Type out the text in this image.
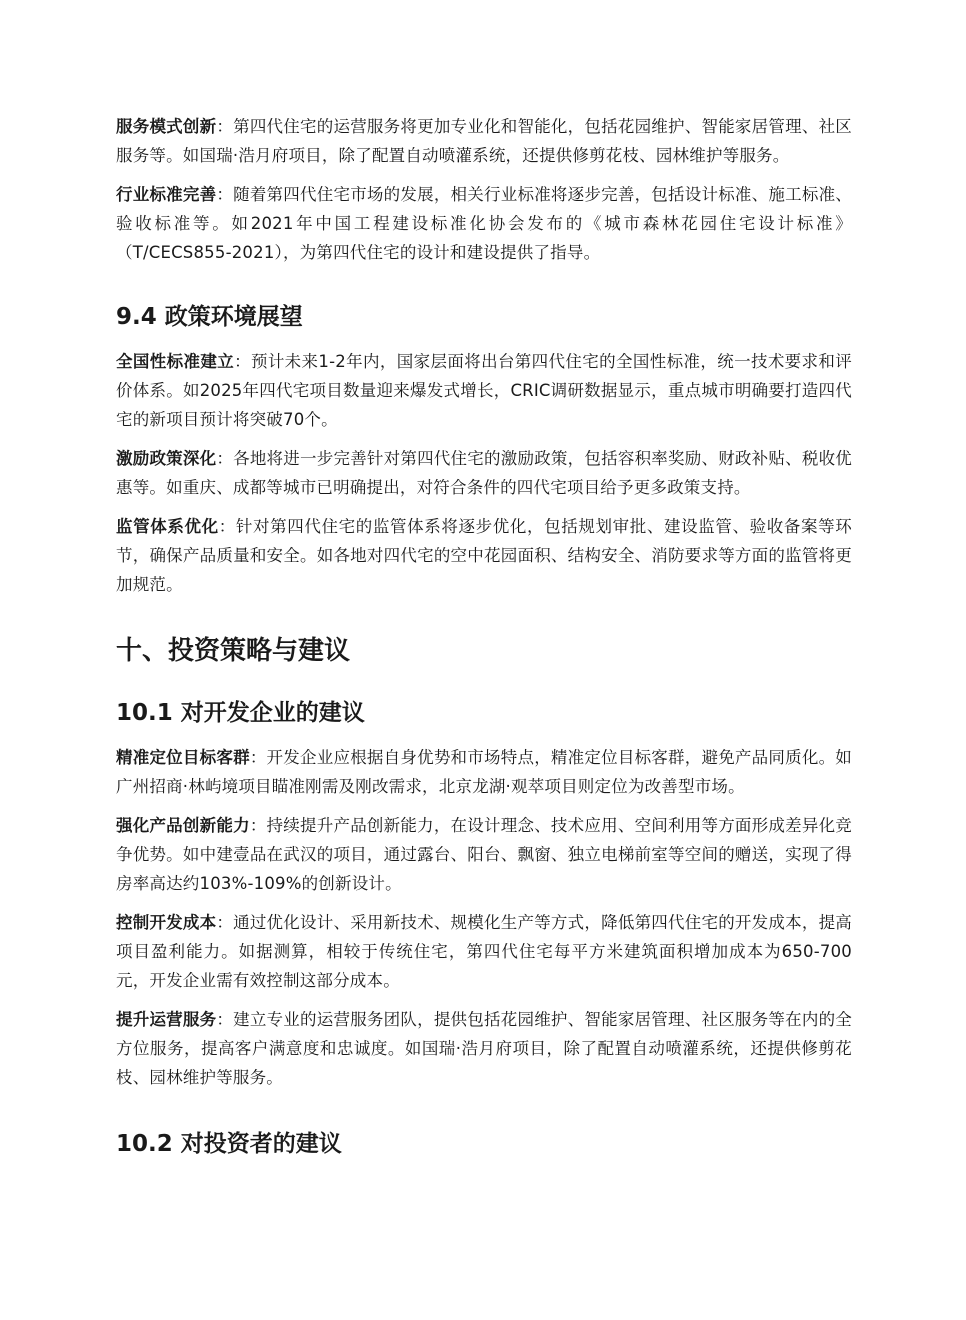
服务模式创新：第四代住宅的运营服务将更加专业化和智能化，包括花园维护、智能家居管理、社区服务等。如国瑞·浩月府项目，除了配置自动喷灌系统，还提供修剪花枝、园林维护等服务。

行业标准完善：随着第四代住宅市场的发展，相关行业标准将逐步完善，包括设计标准、施工标准、验收标准等。如2021年中国工程建设标准化协会发布的《城市森林花园住宅设计标准》（T/CECS855-2021），为第四代住宅的设计和建设提供了指导。

9.4 政策环境展望

全国性标准建立：预计未来1-2年内，国家层面将出台第四代住宅的全国性标准，统一技术要求和评价体系。如2025年四代宅项目数量迎来爆发式增长，CRIC调研数据显示，重点城市明确要打造四代宅的新项目预计将突破70个。

激励政策深化：各地将进一步完善针对第四代住宅的激励政策，包括容积率奖励、财政补贴、税收优惠等。如重庆、成都等城市已明确提出，对符合条件的四代宅项目给予更多政策支持。

监管体系优化：针对第四代住宅的监管体系将逐步优化，包括规划审批、建设监管、验收备案等环节，确保产品质量和安全。如各地对四代宅的空中花园面积、结构安全、消防要求等方面的监管将更加规范。

十、投资策略与建议
10.1 对开发企业的建议

精准定位目标客群：开发企业应根据自身优势和市场特点，精准定位目标客群，避免产品同质化。如广州招商·林屿境项目瞄准刚需及刚改需求，北京龙湖·观萃项目则定位为改善型市场。

强化产品创新能力：持续提升产品创新能力，在设计理念、技术应用、空间利用等方面形成差异化竞争优势。如中建壹品在武汉的项目，通过露台、阳台、飘窗、独立电梯前室等空间的赠送，实现了得房率高达约103%-109%的创新设计。

控制开发成本：通过优化设计、采用新技术、规模化生产等方式，降低第四代住宅的开发成本，提高项目盈利能力。如据测算，相较于传统住宅，第四代住宅每平方米建筑面积增加成本为650-700元，开发企业需有效控制这部分成本。

提升运营服务：建立专业的运营服务团队，提供包括花园维护、智能家居管理、社区服务等在内的全方位服务，提高客户满意度和忠诚度。如国瑞·浩月府项目，除了配置自动喷灌系统，还提供修剪花枝、园林维护等服务。

10.2 对投资者的建议
